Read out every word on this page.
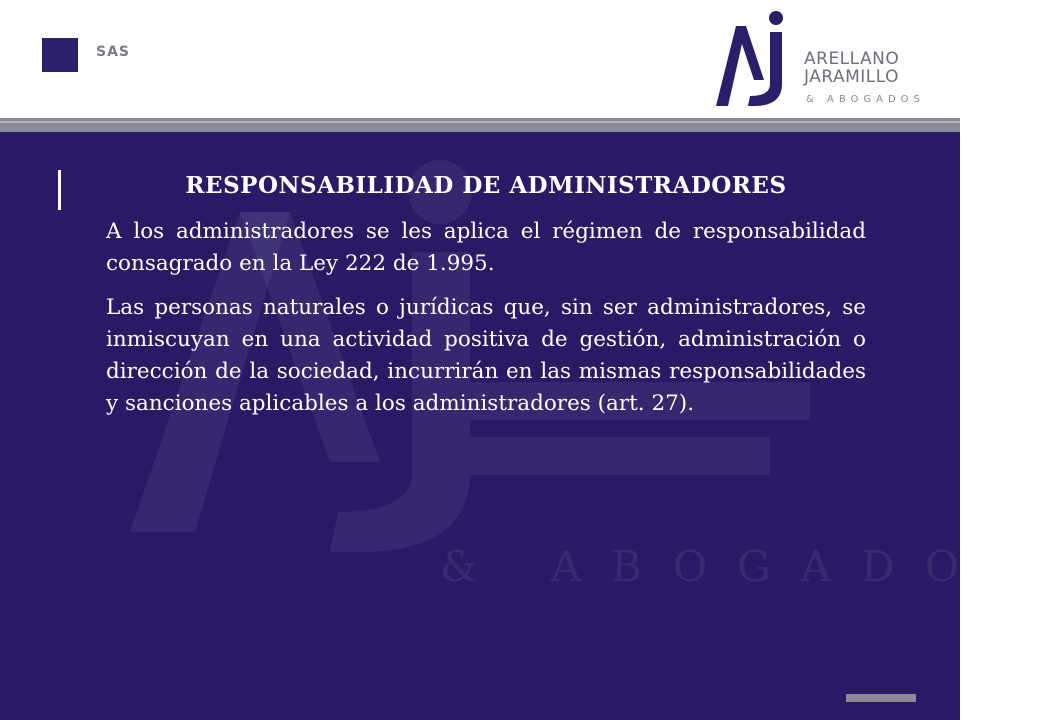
SAS	ARELLANO
JARAMILLO
& ABOGADOS
& ABOGADOS
RESPONSABILIDAD DE ADMINISTRADORES

A los administradores se les aplica el régimen de responsabilidad consagrado en la Ley 222 de 1.995.

Las personas naturales o jurídicas que, sin ser administradores, se inmiscuyan en una actividad positiva de gestión, administración o dirección de la sociedad, incurrirán en las mismas responsabilidades y sanciones aplicables a los administradores (art. 27).
